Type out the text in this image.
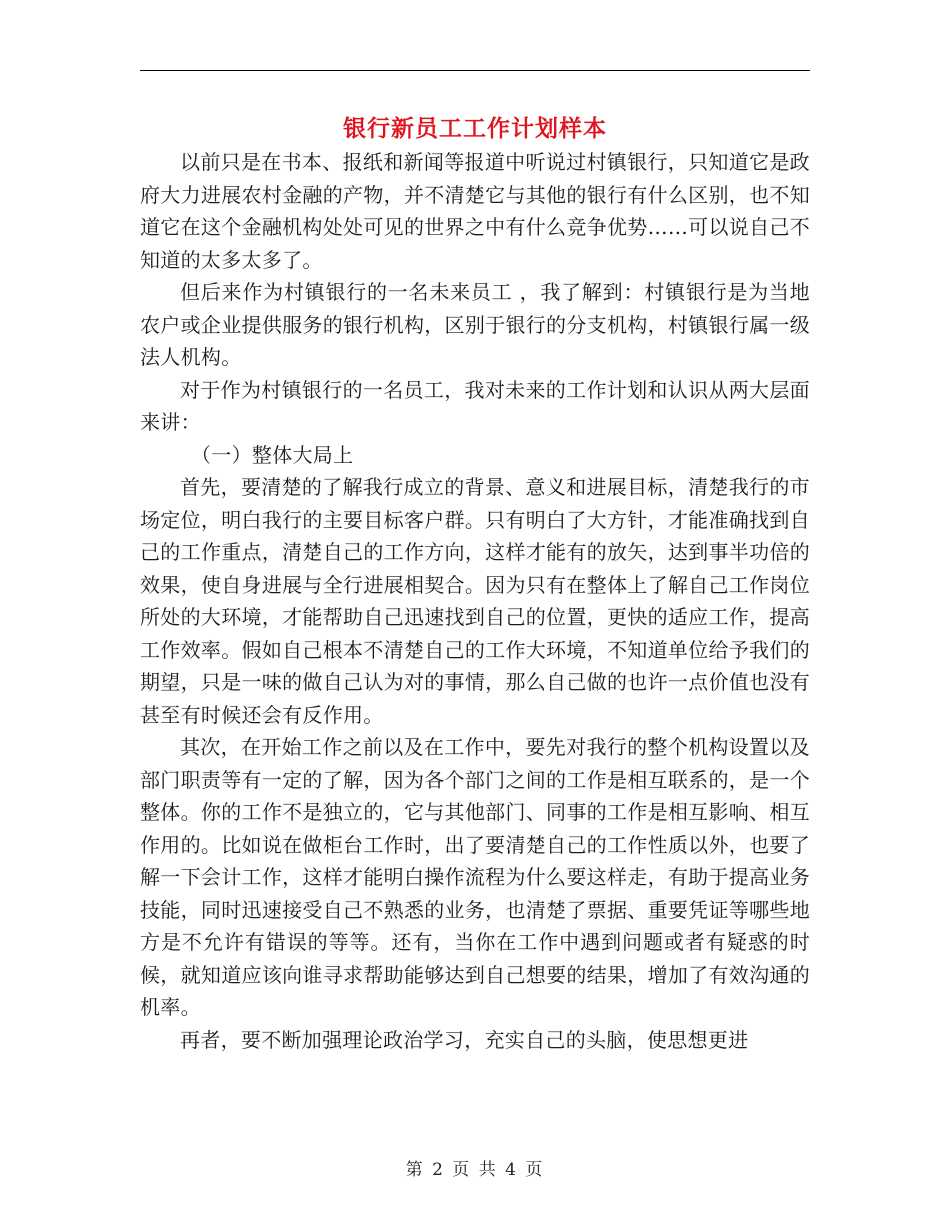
银行新员工工作计划样本

以前只是在书本、报纸和新闻等报道中听说过村镇银行，只知道它是政府大力进展农村金融的产物，并不清楚它与其他的银行有什么区别，也不知道它在这个金融机构处处可见的世界之中有什么竞争优势……可以说自己不知道的太多太多了。

但后来作为村镇银行的一名未来员工 ，我了解到：村镇银行是为当地农户或企业提供服务的银行机构，区别于银行的分支机构，村镇银行属一级法人机构。

对于作为村镇银行的一名员工，我对未来的工作计划和认识从两大层面来讲：

（一）整体大局上

首先，要清楚的了解我行成立的背景、意义和进展目标，清楚我行的市场定位，明白我行的主要目标客户群。只有明白了大方针，才能准确找到自己的工作重点，清楚自己的工作方向，这样才能有的放矢，达到事半功倍的效果，使自身进展与全行进展相契合。因为只有在整体上了解自己工作岗位所处的大环境，才能帮助自己迅速找到自己的位置，更快的适应工作，提高工作效率。假如自己根本不清楚自己的工作大环境，不知道单位给予我们的期望，只是一味的做自己认为对的事情，那么自己做的也许一点价值也没有甚至有时候还会有反作用。

其次，在开始工作之前以及在工作中，要先对我行的整个机构设置以及部门职责等有一定的了解，因为各个部门之间的工作是相互联系的，是一个整体。你的工作不是独立的，它与其他部门、同事的工作是相互影响、相互作用的。比如说在做柜台工作时，出了要清楚自己的工作性质以外，也要了解一下会计工作，这样才能明白操作流程为什么要这样走，有助于提高业务技能，同时迅速接受自己不熟悉的业务，也清楚了票据、重要凭证等哪些地方是不允许有错误的等等。还有，当你在工作中遇到问题或者有疑惑的时候，就知道应该向谁寻求帮助能够达到自己想要的结果，增加了有效沟通的机率。

再者，要不断加强理论政治学习，充实自己的头脑，使思想更进

第 2 页 共 4 页
